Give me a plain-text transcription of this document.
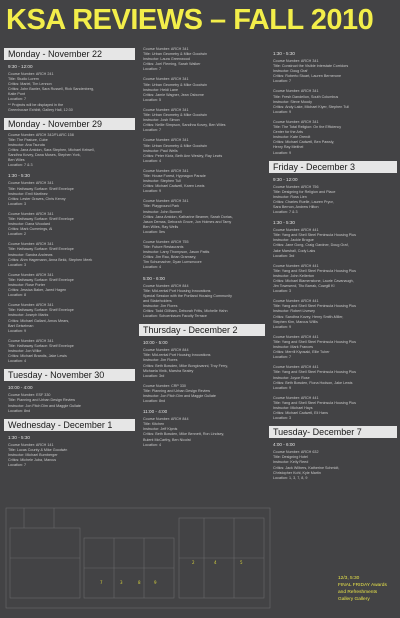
KSA REVIEWS – FALL 2010
Monday - November 22
9:30 - 12:00
Course Number: ARCH 241
Title: Studio Lorem
Critics: Mariel, Tim Lennon
Critics: John Baxter, Sara Russell, Rick Sandenberg,
Katie Pont
Location: 7
** Projects will be displayed in the
Greenhouse Exhibit, Gallery Hall, 12:30
Monday - November 29
Course Number: ARCH 342/FLARC 158
Title: The Pasture, Cube
Instructor: Ana Tsuruta
Critics: Jana Amidon, Sara Stephen, Michael Kelwell,
Sandhra Kovey, Dana Moses, Stephen York,
Ben Wiles
Location: 7 & 3
1:30 - 5:30
Course Number: ARCH 341
Title: Hathaway Surface: Shelf Envelope
Instructor: Emil Martinez
Critics: Lester Graves, Chris Kenny
Location: 3
Course Number: ARCH 341
Title: Hathaway Surface: Shelf Envelope
Instructor: Dana Woodard
Critics: Mark Cummings, Al
Location: 2
Course Number: ARCH 341
Title: Hathaway Surface: Shelf Envelope
Instructor: Sandra Andrews
Critics: Ahm Hagemann, Anna Bekk, Stephen Meek
Location: 3
Course Number: ARCH 341
Title: Hathaway Surface: Shelf Envelope
Instructor: Rose Porter
Critics: Jessica Baker, Jared Hagen
Location: 8
Course Number: ARCH 341
Title: Hathaway Surface: Shelf Envelope
Instructor: Joseph Marks
Critics: Michael Gallant, Amos Mears,
Bart Geiselman
Location: 9
Course Number: ARCH 341
Title: Hathaway Surface: Shelf Envelope
Instructor: Jon Wilke
Critics: Michael Brandis, Jake Lewis
Location: 4
Tuesday - November 30
10:00 - 4:00
Course Number: ESF 330
Title: Planning and Urban Design Review
Instructor: Jon Fitch Dim and Maggie Gullate
Location: 8nd
Wednesday - December 1
1:30 - 5:30
Course Number: ARCH 141
Title: Lucas County & Mike Goodwin
Instructor: Michael Burnberger
Critics: Michele Juba, Marcus
Location: 7
Course Number: ARCH 341
Title: Urban Geometry & Mike Goodwin
Instructor: Laura Greenwood
Critics: Joel Fleming, Sarah Walker
Location: 7
Course Number: ARCH 341
Title: Urban Geometry & Mike Goodwin
Instructor: Heidi Lane
Critics: Jamie Wagner, Jean Osborne
Location: 5
Course Number: ARCH 341
Title: Urban Geometry & Mike Goodwin
Instructor: Josh Simon
Critics: Nellie Simpson, Sandhra Kovey, Ben Wiles
Location: 7
Course Number: ARCH 341
Title: Urban Geometry & Mike Goodwin
Instructor: Paul Wells
Critics: Peter Klotz, Beth Ann Wesley, Ray Lewis
Location: 4
Course Number: ARCH 341
Title: House Forest, Hypnagon Parade
Instructor: Stephen Tull
Critics: Michael Cadwell, Karen Lewis
Location: 9
Course Number: ARCH 341
Title: Playground Park
Instructor: John Bonnell
Critics: Jana Amidon, Katharine Beamer, Sarah Dorias,
Jason Demas, Deborah Grove, Jon Holmes and Tamy
Ben Wiles, Ray Wells
Location: 5es
Course Number: ARCH 755
Title: Future Restaurants
Instructor: Larry Thompson, Jason Pattis
Critics: Jim Rau, Brian Gramsey,
Tim Schumacher, Dyan Lumsmoore
Location: 4
5:00 - 6:00
Course Number: ARCH 844
Title: Mid-rental Port Housing Innovations
Special Session with the Portland Housing Community
and Stakeholders
Instructor: Jim Flores
Critics: Todd Gillham, Deborah Fritts, Michelle Hahn
Location: Schoenbaum Faculty Terrace
Thursday - December 2
10:00 - 5:00
Course Number: ARCH 844
Title: Mid-rental Port Housing Innovations
Instructor: Jim Flores
Critics: Beth Bowden, Mike Bongiovanni, Troy Ferry,
Michaela Vinik, Marsha Sealey
Location: 3rd
Course Number: CRP 330
Title: Planning and Urban Design Review
Instructor: Jon Fitch Dim and Maggie Gullate
Location: 8nd
11:00 - 4:00
Course Number: ARCH 844
Title: Kitchen
Instructor: Jeff Kipnis
Critics: Beth Bowden, Mike Bennett, Ron Lindsey,
Bulent McCarthy, Ben Nicolst
Location: 4
1:30 - 5:30
Course Number: ARCH 341
Title: Construct the Visible Interstate Corridors
Instructor: Doug Graf
Critics: Roberto Stuart, Lauren Bernerone
Location: 7
Course Number: ARCH 341
Title: Fresh Dandelion, South Columbus
Instructor: Steve Moody
Critics: Andy Lake, Michael Kiyer, Stephen Tull
Location: 9
Course Number: ARCH 341
Title: The Total Religion: On the Efficiency
Center for the Arts
Instructor: Kate Orendt
Critics: Michael Cadwell, Ben Pawsly,
Henry Ray Meithel
Location: 9
Friday - December 3
9:30 - 12:00
Course Number: ARCH 756
Title: Designing for Religion and Place
Instructor: Ross Lien
Critics: Charles Ruelle, Lauren Pryor,
Sara Bernon, Andrew Hilton
Location: 7 & 3
1:30 - 5:30
Course Number: ARCH 441
Title: Yang and Shell Steel Peninsula Housing Plus
Instructor: Jackie Brogue
Critics: Jane Gong, Craig Gardner, Doug Graf,
Jake Marshall, Cody Laks
Location: 3rd
Course Number: ARCH 441
Title: Yang and Shell Steel Peninsula Housing Plus
Instructor: John Kellerton
Critics: Michael Blamenstone, Laurie Cavanaugh,
Jim Townsend, Tito Barrak, Cowgill Kl
Location: 3
Course Number: ARCH 441
Title: Yang and Shell Steel Peninsula Housing Plus
Instructor: Robert Livesey
Critics: Sandhra Kovey, Henry Smith-Miller,
Stephen Kim, Marcus Willis
Location: 9
Course Number: ARCH 441
Title: Yang and Shell Steel Peninsula Housing Plus
Instructor: Mark Frances
Critics: Merrill Kiyosaki, Ellie Tuber
Location: 7
Course Number: ARCH 441
Title: Yang and Shell Steel Peninsula Housing Plus
Instructor: Joyce Rose
Critics: Beth Bowden, Fiona Hodson, Jake Lewis
Location: 9
Course Number: ARCH 441
Title: Yang and Shell Steel Peninsula Housing Plus
Instructor: Michael Hays
Critics: Michael Cadwell, Eli Hans
Location: 3
Tuesday- December 7
4:00 - 6:00
Course Number: ARCH 632
Title: Designing Hotel
Instructor: Kelly Reed
Critics: Jack Wilbers, Katherine Schmidt,
Christopher Kohl, Kyle Martin
Location: 1, 3, 7, 8, 9
7	3	8	9
2	4	5
12/3, 5:30
FINAL FRIDAY Awards and Refreshments
Gallery Gallery
